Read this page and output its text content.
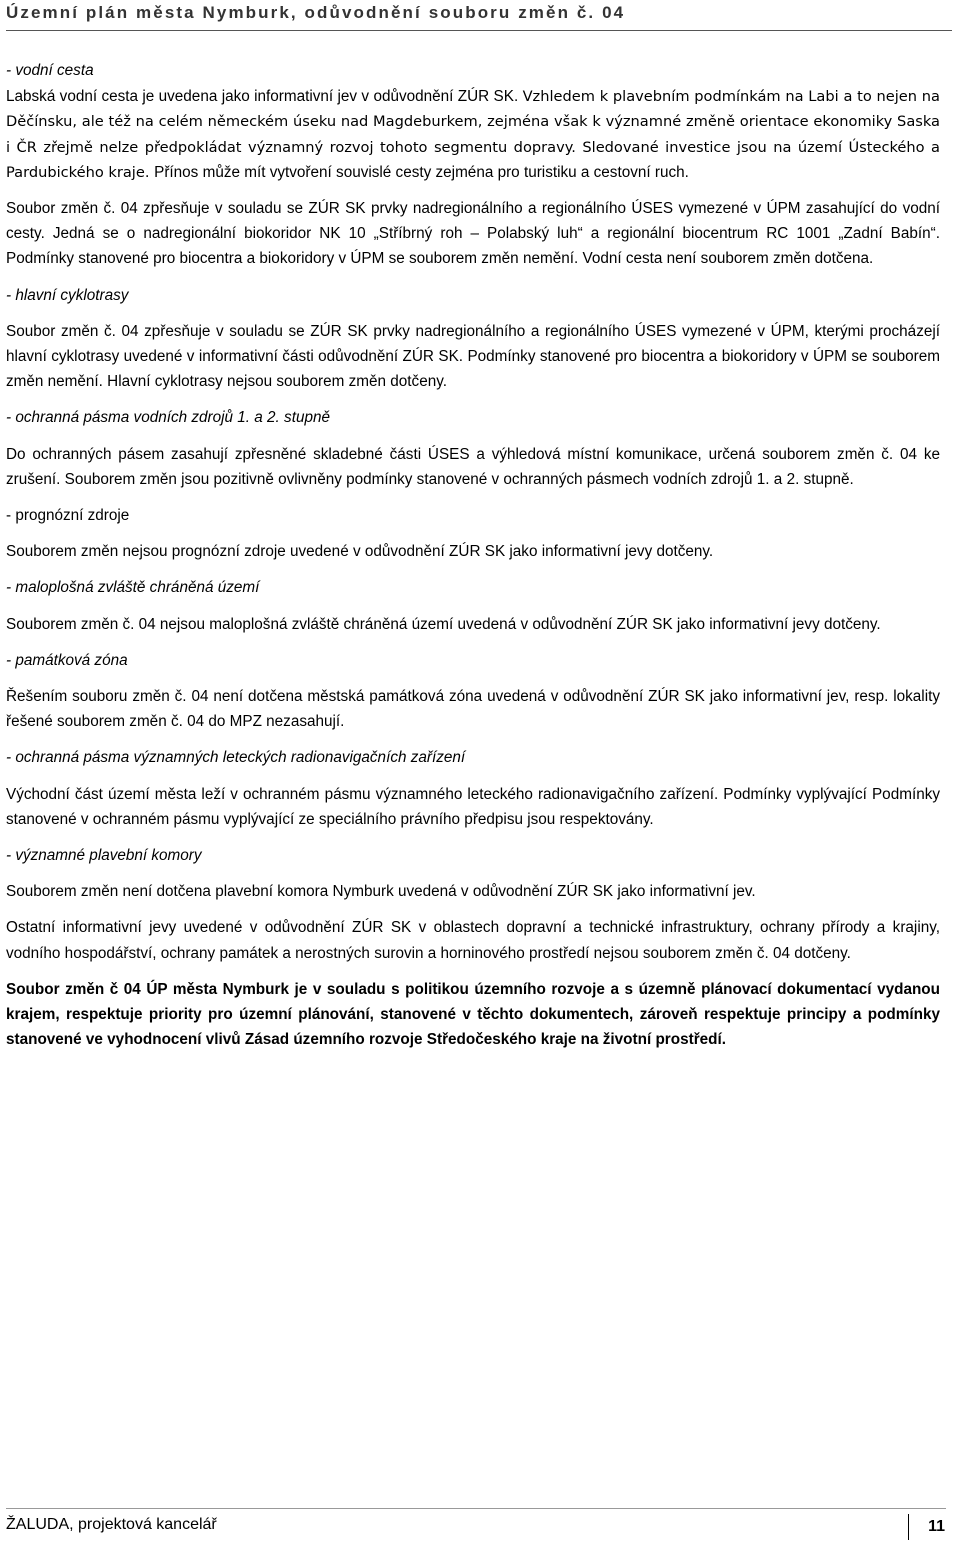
Územní plán města Nymburk, odůvodnění souboru změn č. 04

- vodní cesta

Labská vodní cesta je uvedena jako informativní jev v odůvodnění ZÚR SK. Vzhledem k plavebním podmínkám na Labi a to nejen na Děčínsku, ale též na celém německém úseku nad Magdeburkem, zejména však k významné změně orientace ekonomiky Saska i ČR zřejmě nelze předpokládat významný rozvoj tohoto segmentu dopravy. Sledované investice jsou na území Ústeckého a Pardubického kraje. Přínos může mít vytvoření souvislé cesty zejména pro turistiku a cestovní ruch.

Soubor změn č. 04 zpřesňuje v souladu se ZÚR SK prvky nadregionálního a regionálního ÚSES vymezené v ÚPM zasahující do vodní cesty. Jedná se o nadregionální biokoridor NK 10 „Stříbrný roh – Polabský luh“ a regionální biocentrum RC 1001 „Zadní Babín“. Podmínky stanovené pro biocentra a biokoridory v ÚPM se souborem změn nemění. Vodní cesta není souborem změn dotčena.

- hlavní cyklotrasy

Soubor změn č. 04 zpřesňuje v souladu se ZÚR SK prvky nadregionálního a regionálního ÚSES vymezené v ÚPM, kterými procházejí hlavní cyklotrasy uvedené v informativní části odůvodnění ZÚR SK. Podmínky stanovené pro biocentra a biokoridory v ÚPM se souborem změn nemění. Hlavní cyklotrasy nejsou souborem změn dotčeny.

- ochranná pásma vodních zdrojů 1. a 2. stupně

Do ochranných pásem zasahují zpřesněné skladebné části ÚSES a výhledová místní komunikace, určená souborem změn č. 04 ke zrušení. Souborem změn jsou pozitivně ovlivněny podmínky stanovené v ochranných pásmech vodních zdrojů 1. a 2. stupně.

- prognózní zdroje

Souborem změn nejsou prognózní zdroje uvedené v odůvodnění ZÚR SK jako informativní jevy dotčeny.

- maloplošná zvláště chráněná území

Souborem změn č. 04 nejsou maloplošná zvláště chráněná území uvedená v odůvodnění ZÚR SK jako informativní jevy dotčeny.

- památková zóna

Řešením souboru změn č. 04 není dotčena městská památková zóna uvedená v odůvodnění ZÚR SK jako informativní jev, resp. lokality řešené souborem změn č. 04 do MPZ nezasahují.

- ochranná pásma významných leteckých radionavigačních zařízení

Východní část území města leží v ochranném pásmu významného leteckého radionavigačního zařízení. Podmínky vyplývající Podmínky stanovené v ochranném pásmu vyplývající ze speciálního právního předpisu jsou respektovány.

- významné plavební komory

Souborem změn není dotčena plavební komora Nymburk uvedená v odůvodnění ZÚR SK jako informativní jev.

Ostatní informativní jevy uvedené v odůvodnění ZÚR SK v oblastech dopravní a technické infrastruktury, ochrany přírody a krajiny, vodního hospodářství, ochrany památek a nerostných surovin a horninového prostředí nejsou souborem změn č. 04 dotčeny.

Soubor změn č 04 ÚP města Nymburk je v souladu s politikou územního rozvoje a s územně plánovací dokumentací vydanou krajem, respektuje priority pro územní plánování, stanovené v těchto dokumentech, zároveň respektuje principy a podmínky stanovené ve vyhodnocení vlivů Zásad územního rozvoje Středočeského kraje na životní prostředí.

ŽALUDA, projektová kancelář	11
